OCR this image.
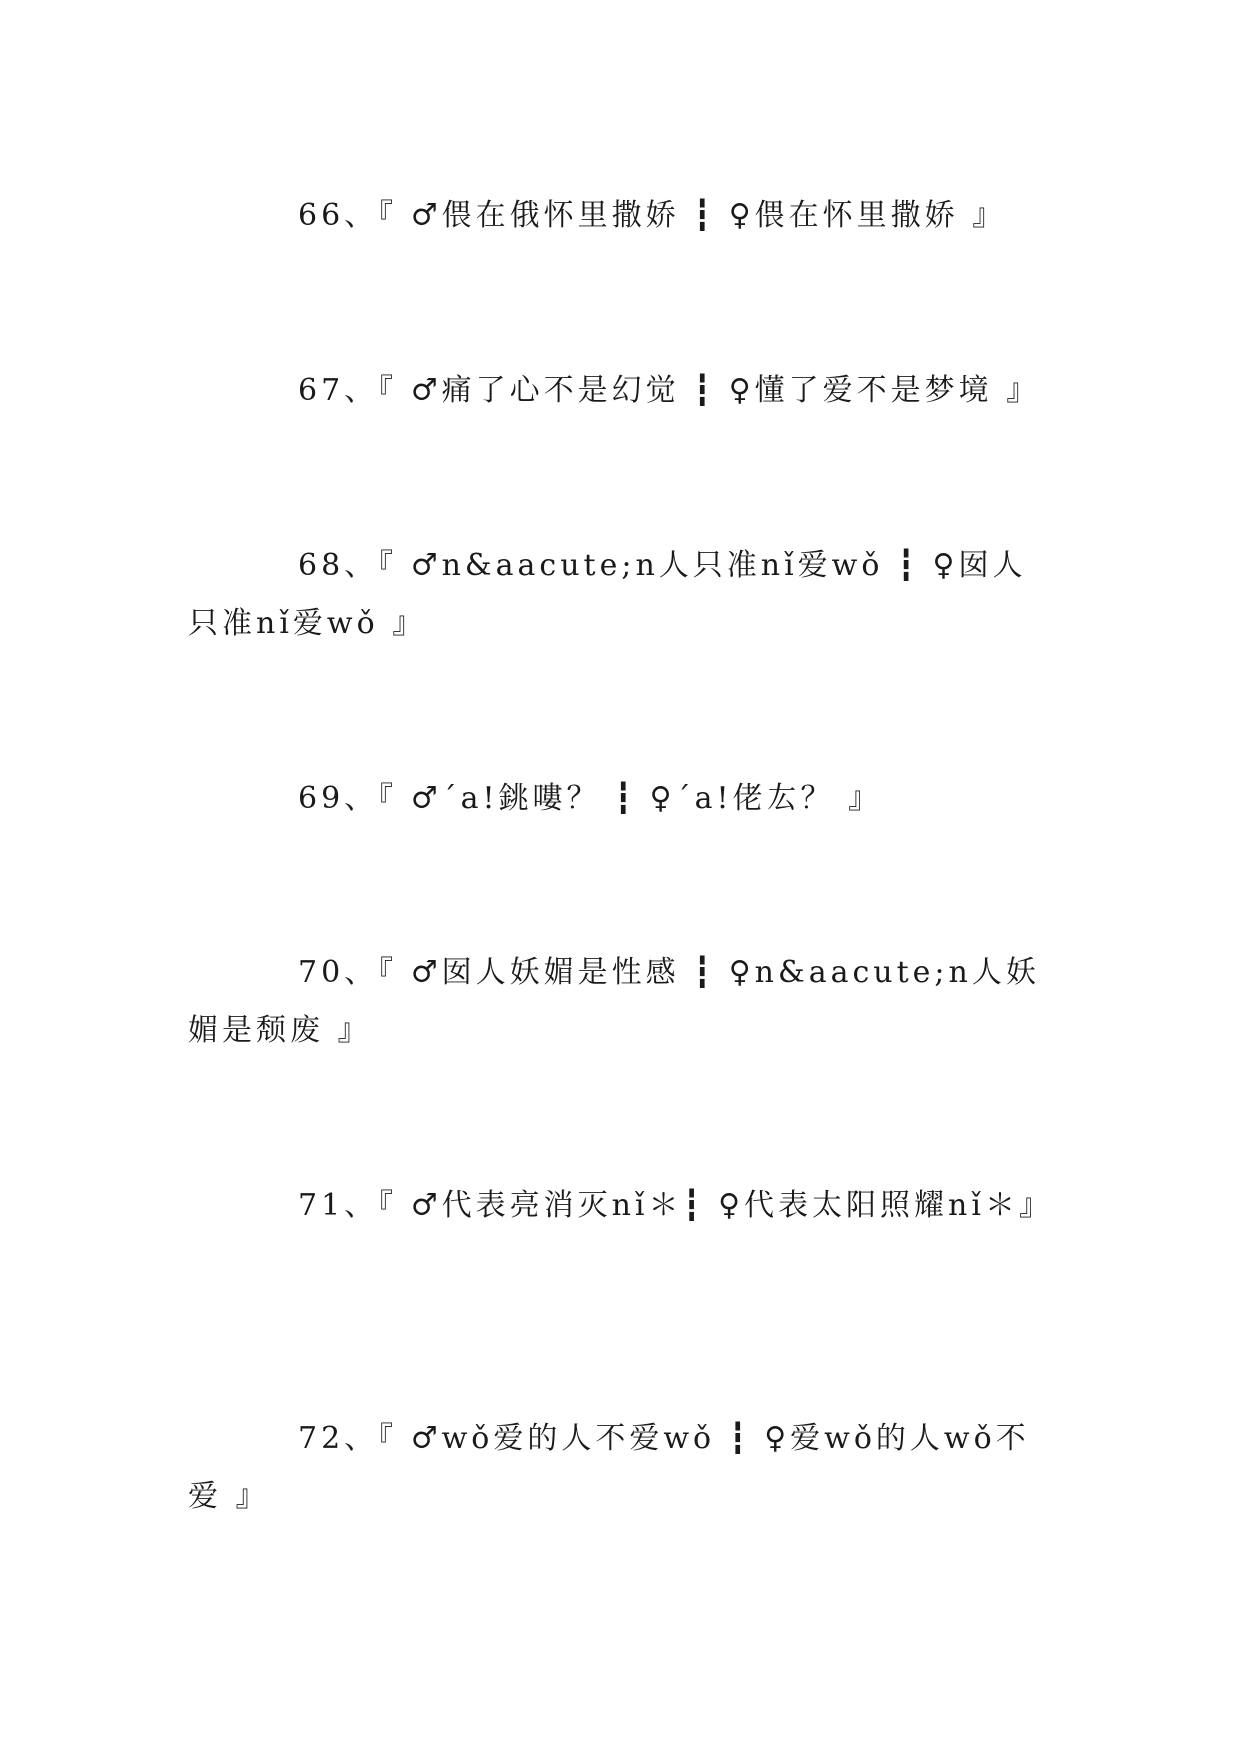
66、『 ♂偎在俄怀里撒娇 ┇ ♀偎在怀里撒娇 』

67、『 ♂痛了心不是幻觉 ┇ ♀懂了爱不是梦境 』

68、『 ♂n&aacute;n人只准nǐ爱wǒ ┇ ♀囡人只准nǐ爱wǒ 』

69、『 ♂ˊa!銚嘍？ ┇ ♀ˊa!佬厷？ 』

70、『 ♂囡人妖媚是性感 ┇ ♀n&aacute;n人妖媚是颓废 』

71、『 ♂代表亮消灭nǐ＊┇ ♀代表太阳照耀nǐ＊』

72、『 ♂wǒ爱的人不爱wǒ ┇ ♀爱wǒ的人wǒ不爱 』
